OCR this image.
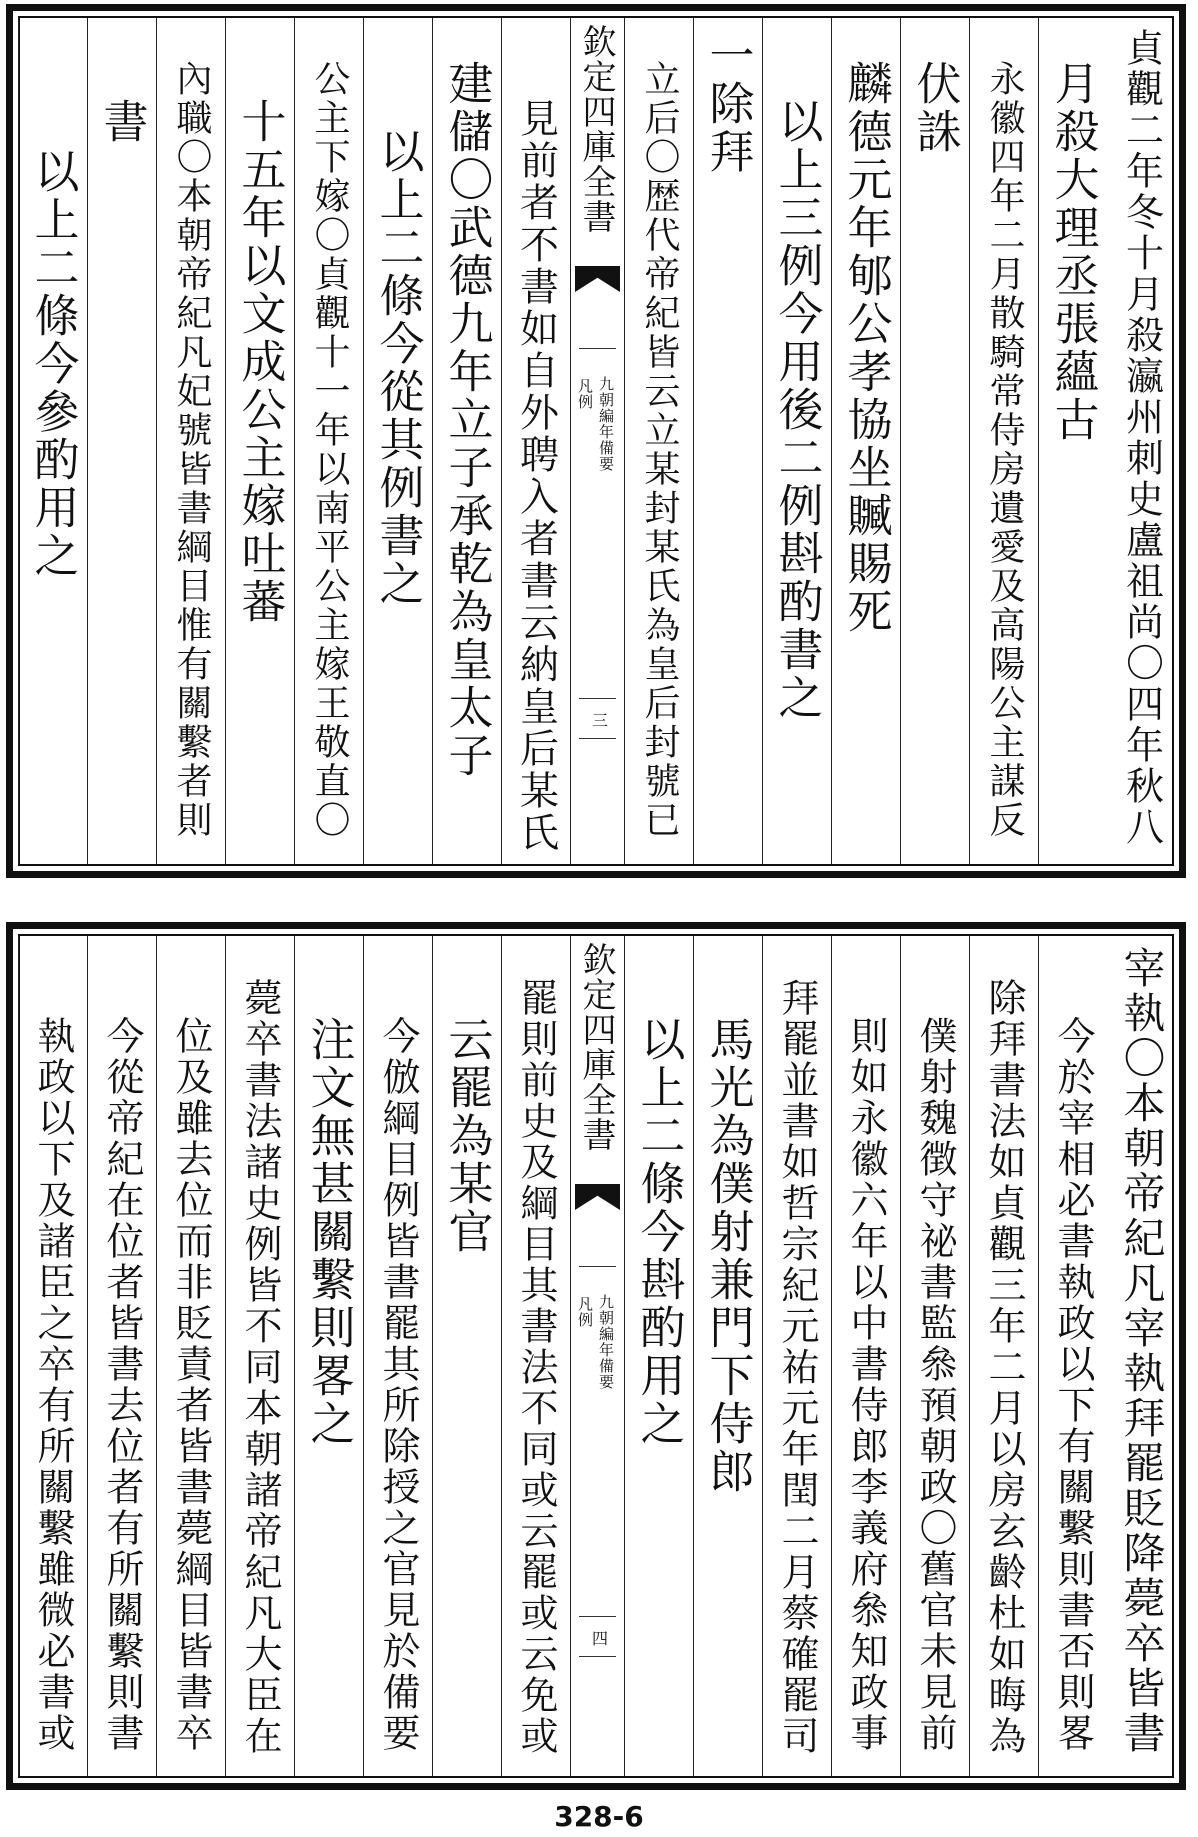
貞觀二年冬十月殺瀛州刺史盧祖尚〇四年秋八
月殺大理丞張蘊古
永徽四年二月散騎常侍房遺愛及高陽公主謀反
伏誅
麟德元年郇公孝協坐贓賜死
以上三例今用後二例斟酌書之
一除拜
立后〇歴代帝紀皆云立某封某氏為皇后封號已
欽定四庫全書
九朝編年備要
凡例
三
見前者不書如自外聘入者書云納皇后某氏
建儲〇武德九年立子承乾為皇太子
以上二條今從其例書之
公主下嫁〇貞觀十一年以南平公主嫁王敬直〇
十五年以文成公主嫁吐蕃
內職〇本朝帝紀凡妃號皆書綱目惟有關繫者則
書
以上二條今參酌用之
宰執〇本朝帝紀凡宰執拜罷貶降薨卒皆書
今於宰相必書執政以下有關繫則書否則畧
除拜書法如貞觀三年二月以房玄齡杜如晦為
僕射魏徴守祕書監叅預朝政〇舊官未見前
則如永徽六年以中書侍郎李義府叅知政事
拜罷並書如哲宗紀元祐元年閏二月蔡確罷司
馬光為僕射兼門下侍郎
以上二條今斟酌用之
欽定四庫全書
九朝編年備要
凡例
四
罷則前史及綱目其書法不同或云罷或云免或
云罷為某官
今倣綱目例皆書罷其所除授之官見於備要
注文無甚關繫則畧之
薨卒書法諸史例皆不同本朝諸帝紀凡大臣在
位及雖去位而非貶責者皆書薨綱目皆書卒
今從帝紀在位者皆書去位者有所關繫則書
執政以下及諸臣之卒有所關繫雖微必書或
328-6
